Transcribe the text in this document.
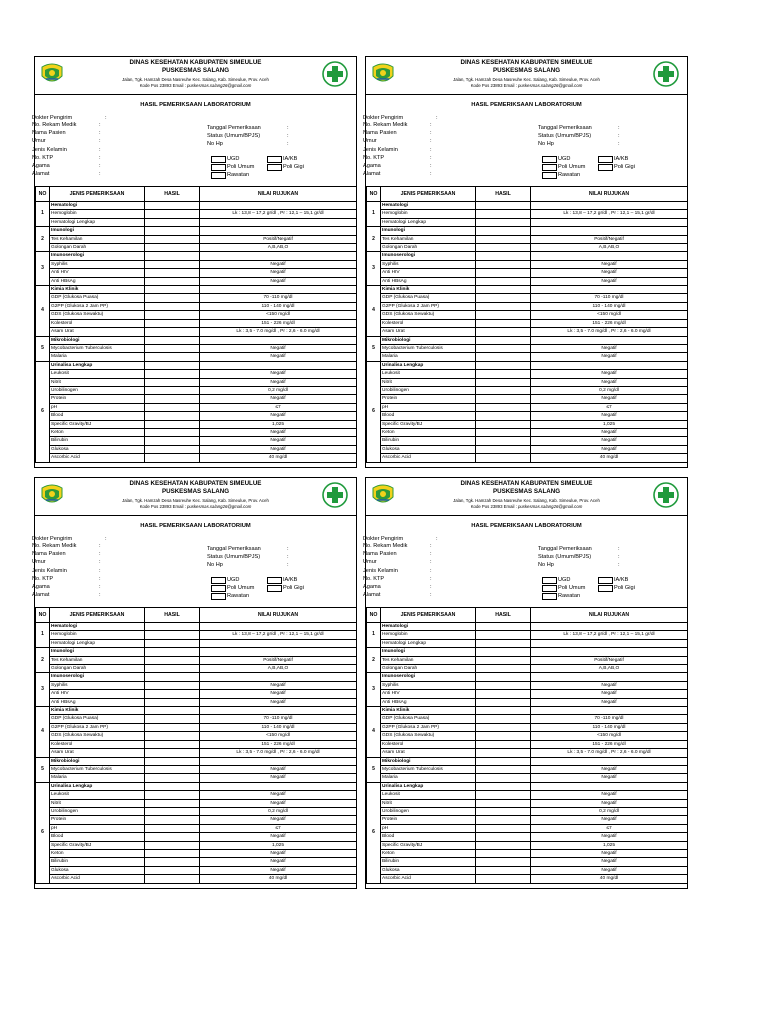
DINAS KESEHATAN KABUPATEN SIMEULUE
PUSKESMAS SALANG
Jalan, Tgk. Hamzah Desa Nasreuhe Kec. Salang, Kab. Simeulue, Prov. Aceh
Kode Pos 23893 Email : puskesmas.salang26@gmail.com
HASIL PEMERIKSAAN LABORATORIUM
Dokter Pengirim	:
No. Rekam Medik	:
Nama Pasien	:
Umur	:
Jenis Kelamin	:
No. KTP	:
Agama	:
Alamat	:
Tanggal Pemeriksaan	:
Status (Umum/BPJS)	:
No Hp	:
UGD	IA/KB
Poli Umum	Poli Gigi
Rawatan
NO	JENIS PEMERIKSAAN	HASIL	NILAI RUJUKAN
1	Hematologi		
	Hemoglobin		Lk : 13,8 – 17,2 gr/dl , Pr : 12,1 – 15,1 gr/dl
	Hematologi Lengkap		
2	Imunologi		
	Tes Kehamilan		Positif/Negatif
	Golongan Darah		A,B,AB,O
3	Imunoserologi		
	Syphilis		Negatif
	Anti HIV		Negatif
	Anti HBsAg		Negatif
4	Kimia Klinik		
	GDP (Glukosa Puasa)		70 -110 mg/dl
	G2PP (Glukosa 2 Jam PP)		110 - 140 mg/dl
	GDS (Glukosa Sewaktu)		<150 mg/dl
	Kolesterol		151 - 226 mg/dl
	Asam Urat		Lk : 3,5 - 7.0 mg/dl , Pr : 2,6 - 6.0 mg/dl
5	Mikrobiologi		
	Mycobacterium Tuberculosis		Negatif
	Malaria		Negatif
6	Urinalisa Lengkap		
	Leukosit		Negatif
	Nitrit		Negatif
	Urobilinogen		0,2 mg/dl
	Protein		Negatif
	pH		≤7
	Blood		Negatif
	Specific Gravity/BJ		1,025
	Keton		Negatif
	Bilirubin		Negatif
	Glukosa		Negatif
	Ascorbic Acid		40 mg/dl
DINAS KESEHATAN KABUPATEN SIMEULUE
PUSKESMAS SALANG
Jalan, Tgk. Hamzah Desa Nasreuhe Kec. Salang, Kab. Simeulue, Prov. Aceh
Kode Pos 23893 Email : puskesmas.salang26@gmail.com
HASIL PEMERIKSAAN LABORATORIUM
Dokter Pengirim	:
No. Rekam Medik	:
Nama Pasien	:
Umur	:
Jenis Kelamin	:
No. KTP	:
Agama	:
Alamat	:
Tanggal Pemeriksaan	:
Status (Umum/BPJS)	:
No Hp	:
UGD	IA/KB
Poli Umum	Poli Gigi
Rawatan
NO	JENIS PEMERIKSAAN	HASIL	NILAI RUJUKAN
1	Hematologi		
	Hemoglobin		Lk : 13,8 – 17,2 gr/dl , Pr : 12,1 – 15,1 gr/dl
	Hematologi Lengkap		
2	Imunologi		
	Tes Kehamilan		Positif/Negatif
	Golongan Darah		A,B,AB,O
3	Imunoserologi		
	Syphilis		Negatif
	Anti HIV		Negatif
	Anti HBsAg		Negatif
4	Kimia Klinik		
	GDP (Glukosa Puasa)		70 -110 mg/dl
	G2PP (Glukosa 2 Jam PP)		110 - 140 mg/dl
	GDS (Glukosa Sewaktu)		<150 mg/dl
	Kolesterol		151 - 226 mg/dl
	Asam Urat		Lk : 3,5 - 7.0 mg/dl , Pr : 2,6 - 6.0 mg/dl
5	Mikrobiologi		
	Mycobacterium Tuberculosis		Negatif
	Malaria		Negatif
6	Urinalisa Lengkap		
	Leukosit		Negatif
	Nitrit		Negatif
	Urobilinogen		0,2 mg/dl
	Protein		Negatif
	pH		≤7
	Blood		Negatif
	Specific Gravity/BJ		1,025
	Keton		Negatif
	Bilirubin		Negatif
	Glukosa		Negatif
	Ascorbic Acid		40 mg/dl
DINAS KESEHATAN KABUPATEN SIMEULUE
PUSKESMAS SALANG
Jalan, Tgk. Hamzah Desa Nasreuhe Kec. Salang, Kab. Simeulue, Prov. Aceh
Kode Pos 23893 Email : puskesmas.salang26@gmail.com
HASIL PEMERIKSAAN LABORATORIUM
Dokter Pengirim	:
No. Rekam Medik	:
Nama Pasien	:
Umur	:
Jenis Kelamin	:
No. KTP	:
Agama	:
Alamat	:
Tanggal Pemeriksaan	:
Status (Umum/BPJS)	:
No Hp	:
UGD	IA/KB
Poli Umum	Poli Gigi
Rawatan
NO	JENIS PEMERIKSAAN	HASIL	NILAI RUJUKAN
1	Hematologi		
	Hemoglobin		Lk : 13,8 – 17,2 gr/dl , Pr : 12,1 – 15,1 gr/dl
	Hematologi Lengkap		
2	Imunologi		
	Tes Kehamilan		Positif/Negatif
	Golongan Darah		A,B,AB,O
3	Imunoserologi		
	Syphilis		Negatif
	Anti HIV		Negatif
	Anti HBsAg		Negatif
4	Kimia Klinik		
	GDP (Glukosa Puasa)		70 -110 mg/dl
	G2PP (Glukosa 2 Jam PP)		110 - 140 mg/dl
	GDS (Glukosa Sewaktu)		<150 mg/dl
	Kolesterol		151 - 226 mg/dl
	Asam Urat		Lk : 3,5 - 7.0 mg/dl , Pr : 2,6 - 6.0 mg/dl
5	Mikrobiologi		
	Mycobacterium Tuberculosis		Negatif
	Malaria		Negatif
6	Urinalisa Lengkap		
	Leukosit		Negatif
	Nitrit		Negatif
	Urobilinogen		0,2 mg/dl
	Protein		Negatif
	pH		≤7
	Blood		Negatif
	Specific Gravity/BJ		1,025
	Keton		Negatif
	Bilirubin		Negatif
	Glukosa		Negatif
	Ascorbic Acid		40 mg/dl
DINAS KESEHATAN KABUPATEN SIMEULUE
PUSKESMAS SALANG
Jalan, Tgk. Hamzah Desa Nasreuhe Kec. Salang, Kab. Simeulue, Prov. Aceh
Kode Pos 23893 Email : puskesmas.salang26@gmail.com
HASIL PEMERIKSAAN LABORATORIUM
Dokter Pengirim	:
No. Rekam Medik	:
Nama Pasien	:
Umur	:
Jenis Kelamin	:
No. KTP	:
Agama	:
Alamat	:
Tanggal Pemeriksaan	:
Status (Umum/BPJS)	:
No Hp	:
UGD	IA/KB
Poli Umum	Poli Gigi
Rawatan
NO	JENIS PEMERIKSAAN	HASIL	NILAI RUJUKAN
1	Hematologi		
	Hemoglobin		Lk : 13,8 – 17,2 gr/dl , Pr : 12,1 – 15,1 gr/dl
	Hematologi Lengkap		
2	Imunologi		
	Tes Kehamilan		Positif/Negatif
	Golongan Darah		A,B,AB,O
3	Imunoserologi		
	Syphilis		Negatif
	Anti HIV		Negatif
	Anti HBsAg		Negatif
4	Kimia Klinik		
	GDP (Glukosa Puasa)		70 -110 mg/dl
	G2PP (Glukosa 2 Jam PP)		110 - 140 mg/dl
	GDS (Glukosa Sewaktu)		<150 mg/dl
	Kolesterol		151 - 226 mg/dl
	Asam Urat		Lk : 3,5 - 7.0 mg/dl , Pr : 2,6 - 6.0 mg/dl
5	Mikrobiologi		
	Mycobacterium Tuberculosis		Negatif
	Malaria		Negatif
6	Urinalisa Lengkap		
	Leukosit		Negatif
	Nitrit		Negatif
	Urobilinogen		0,2 mg/dl
	Protein		Negatif
	pH		≤7
	Blood		Negatif
	Specific Gravity/BJ		1,025
	Keton		Negatif
	Bilirubin		Negatif
	Glukosa		Negatif
	Ascorbic Acid		40 mg/dl
